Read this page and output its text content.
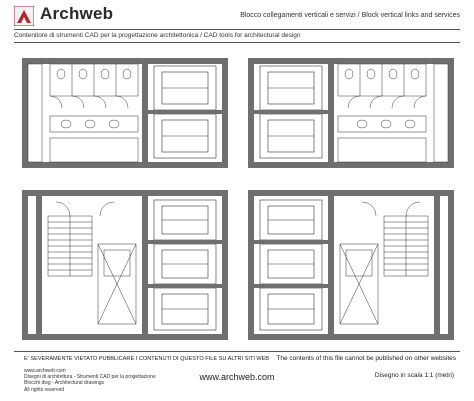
Archweb	Blocco collegamenti verticali e servizi / Block vertical links and services
Contenitore di strumenti CAD per la progettazione architettonica / CAD tools for architectural design
E' SEVERAMENTE VIETATO PUBBLICARE I CONTENUTI DI QUESTO FILE SU ALTRI SITI WEB The contents of this file cannot be published on other websites
www.archweb.com
Disegni di architettura - Strumenti CAD per la progettazione
Blocchi dwg - Architectural drawings
All rights reserved
www.archweb.com	Disegno in scala 1:1 (metri)
